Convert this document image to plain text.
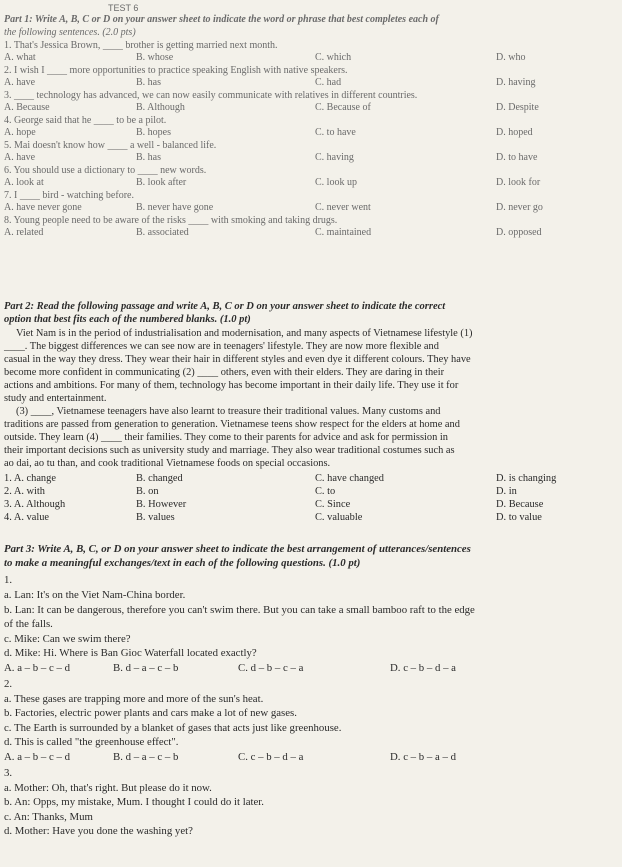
TEST 6
Part 1: Write A, B, C or D on your answer sheet to indicate the word or phrase that best completes each of
the following sentences. (2.0 pts)
1. That's Jessica Brown, ____ brother is getting married next month.
A. what	B. whose	C. which	D. who
2. I wish I ____ more opportunities to practice speaking English with native speakers.
A. have	B. has	C. had	D. having
3. ____ technology has advanced, we can now easily communicate with relatives in different countries.
A. Because	B. Although	C. Because of	D. Despite
4. George said that he ____ to be a pilot.
A. hope	B. hopes	C. to have	D. hoped
5. Mai doesn't know how ____ a well - balanced life.
A. have	B. has	C. having	D. to have
6. You should use a dictionary to ____ new words.
A. look at	B. look after	C. look up	D. look for
7. I ____ bird - watching before.
A. have never gone	B. never have gone	C. never went	D. never go
8. Young people need to be aware of the risks ____ with smoking and taking drugs.
A. related	B. associated	C. maintained	D. opposed
Part 2: Read the following passage and write A, B, C or D on your answer sheet to indicate the correct
option that best fits each of the numbered blanks. (1.0 pt)
Viet Nam is in the period of industrialisation and modernisation, and many aspects of Vietnamese lifestyle (1)
____. The biggest differences we can see now are in teenagers' lifestyle. They are now more flexible and
casual in the way they dress. They wear their hair in different styles and even dye it different colours. They have
become more confident in communicating (2) ____ others, even with their elders. They are daring in their
actions and ambitions. For many of them, technology has become important in their daily life. They use it for
study and entertainment.
(3) ____, Vietnamese teenagers have also learnt to treasure their traditional values. Many customs and
traditions are passed from generation to generation. Vietnamese teens show respect for the elders at home and
outside. They learn (4) ____ their families. They come to their parents for advice and ask for permission in
their important decisions such as university study and marriage. They also wear traditional costumes such as
ao dai, ao tu than, and cook traditional Vietnamese foods on special occasions.
1. A. change	B. changed	C. have changed	D. is changing
2. A. with	B. on	C. to	D. in
3. A. Although	B. However	C. Since	D. Because
4. A. value	B. values	C. valuable	D. to value
Part 3: Write A, B, C, or D on your answer sheet to indicate the best arrangement of utterances/sentences
to make a meaningful exchanges/text in each of the following questions. (1.0 pt)
1.
a. Lan: It's on the Viet Nam-China border.
b. Lan: It can be dangerous, therefore you can't swim there. But you can take a small bamboo raft to the edge
of the falls.
c. Mike: Can we swim there?
d. Mike: Hi. Where is Ban Gioc Waterfall located exactly?
A. a – b – c – d	B. d – a – c – b	C. d – b – c – a	D. c – b – d – a
2.
a. These gases are trapping more and more of the sun's heat.
b. Factories, electric power plants and cars make a lot of new gases.
c. The Earth is surrounded by a blanket of gases that acts just like greenhouse.
d. This is called "the greenhouse effect".
A. a – b – c – d	B. d – a – c – b	C. c – b – d – a	D. c – b – a – d
3.
a. Mother: Oh, that's right. But please do it now.
b. An: Opps, my mistake, Mum. I thought I could do it later.
c. An: Thanks, Mum
d. Mother: Have you done the washing yet?
